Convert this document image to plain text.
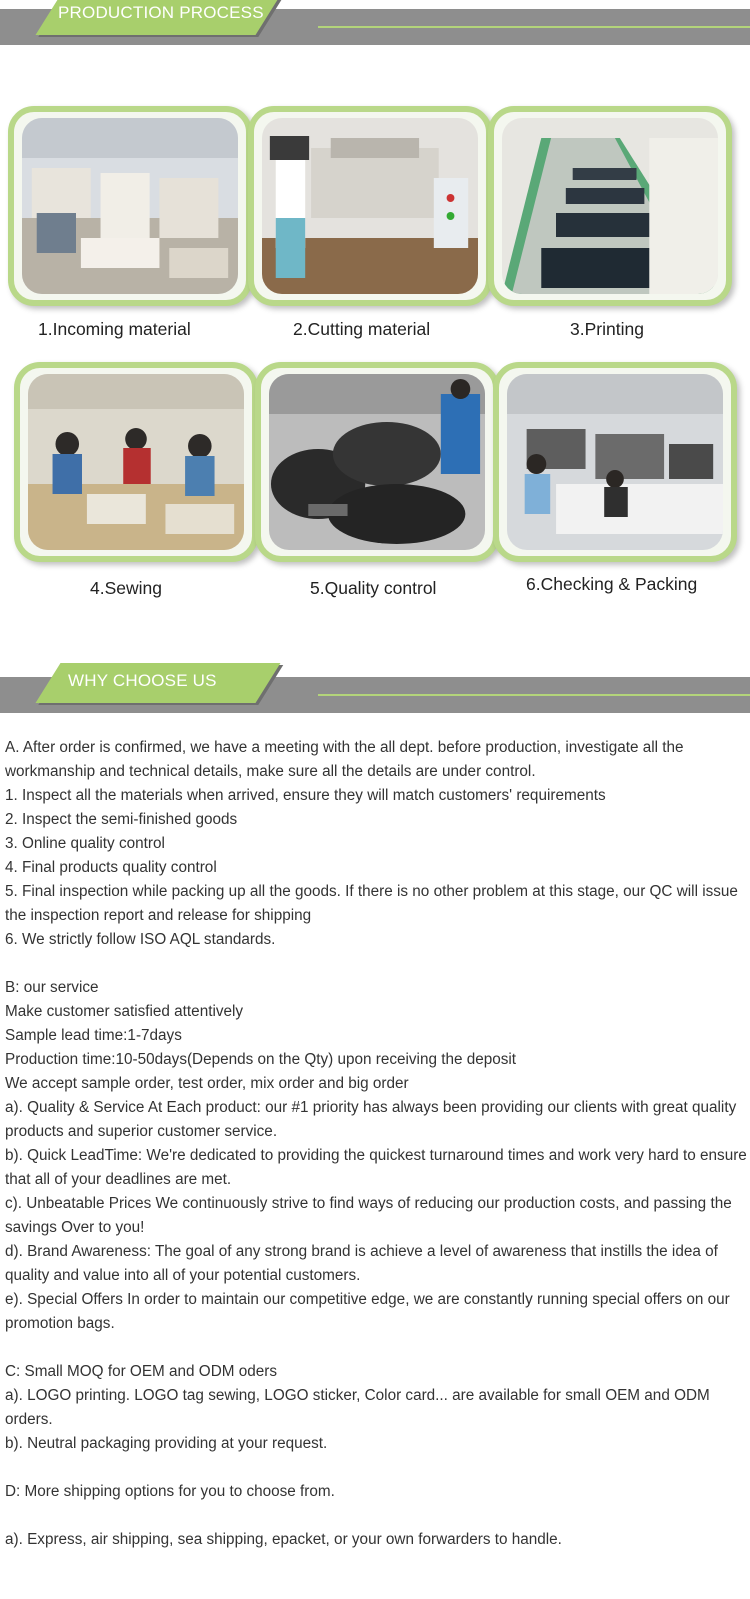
PRODUCTION PROCESS
1.Incoming material	2.Cutting material	3.Printing
4.Sewing	5.Quality control	6.Checking & Packing
WHY CHOOSE US

A. After order is confirmed, we have a meeting with the all dept. before production, investigate all the workmanship and technical details, make sure all the details are under control.

1. Inspect all the materials when arrived, ensure they will match customers' requirements

2. Inspect the semi-finished goods

3. Online quality control

4. Final products quality control

5. Final inspection while packing up all the goods. If there is no other problem at this stage, our QC will issue the inspection report and release for shipping

6. We strictly follow ISO AQL standards.

B: our service

Make customer satisfied attentively

Sample lead time:1-7days

Production time:10-50days(Depends on the Qty) upon receiving the deposit

We accept sample order, test order, mix order and big order

a). Quality & Service At Each product: our #1 priority has always been providing our clients with great quality products and superior customer service.

b). Quick LeadTime: We're dedicated to providing the quickest turnaround times and work very hard to ensure that all of your deadlines are met.

c). Unbeatable Prices We continuously strive to find ways of reducing our production costs, and passing the savings Over to you!

d). Brand Awareness: The goal of any strong brand is achieve a level of awareness that instills the idea of quality and value into all of your potential customers.

e). Special Offers In order to maintain our competitive edge, we are constantly running special offers on our promotion bags.

C: Small MOQ for OEM and ODM oders

a). LOGO printing. LOGO tag sewing, LOGO sticker, Color card... are available for small OEM and ODM orders.

b). Neutral packaging providing at your request.

D: More shipping options for you to choose from.

a). Express, air shipping, sea shipping, epacket, or your own forwarders to handle.
